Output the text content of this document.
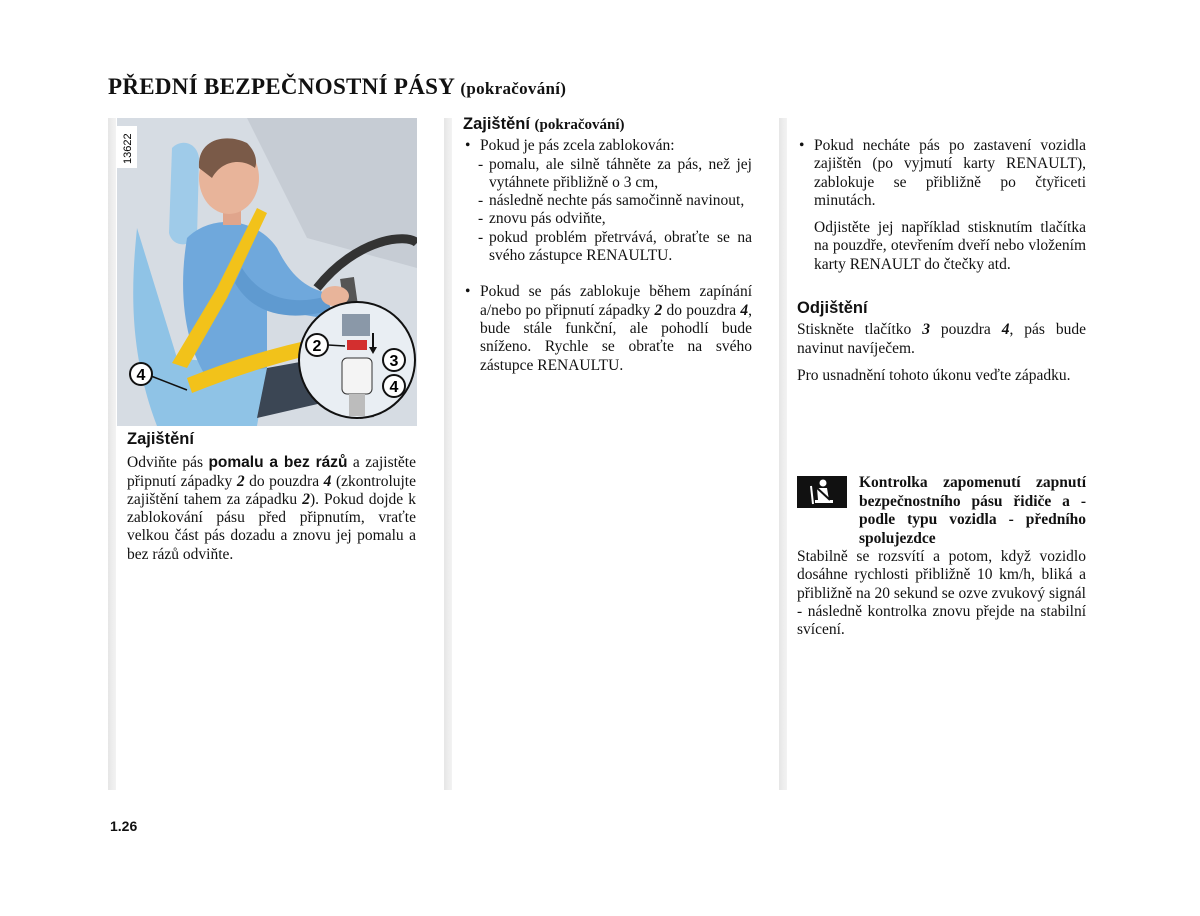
PŘEDNÍ BEZPEČNOSTNÍ PÁSY (pokračování)
13622
4
2
3
4
Zajištění

Odviňte pás pomalu a bez rázů a zajistěte připnutí západky 2 do pouzdra 4 (zkontrolujte zajištění tahem za západku 2). Pokud dojde k zablokování pásu před připnutím, vraťte velkou část pás dozadu a znovu jej pomalu a bez rázů odviňte.

Zajištění (pokračování)

• Pokud je pás zcela zablokován:

- pomalu, ale silně táhněte za pás, než jej vytáhnete přibližně o 3 cm,

- následně nechte pás samočinně navinout,

- znovu pás odviňte,

- pokud problém přetrvává, obraťte se na svého zástupce RENAULTU.

• Pokud se pás zablokuje během zapínání a/nebo po připnutí západky 2 do pouzdra 4, bude stále funkční, ale pohodlí bude sníženo. Rychle se obraťte na svého zástupce RENAULTU.

• Pokud necháte pás po zastavení vozidla zajištěn (po vyjmutí karty RENAULT), zablokuje se přibližně po čtyřiceti minutách.

Odjistěte jej například stisknutím tlačítka na pouzdře, otevřením dveří nebo vložením karty RENAULT do čtečky atd.

Odjištění

Stiskněte tlačítko 3 pouzdra 4, pás bude navinut navíječem.

Pro usnadnění tohoto úkonu veďte západku.

Kontrolka zapomenutí zapnutí bezpečnostního pásu řidiče a - podle typu vozidla - předního spolujezdce
Stabilně se rozsvítí a potom, když vozidlo dosáhne rychlosti přibližně 10 km/h, bliká a přibližně na 20 sekund se ozve zvukový signál - následně kontrolka znovu přejde na stabilní svícení.
1.26
